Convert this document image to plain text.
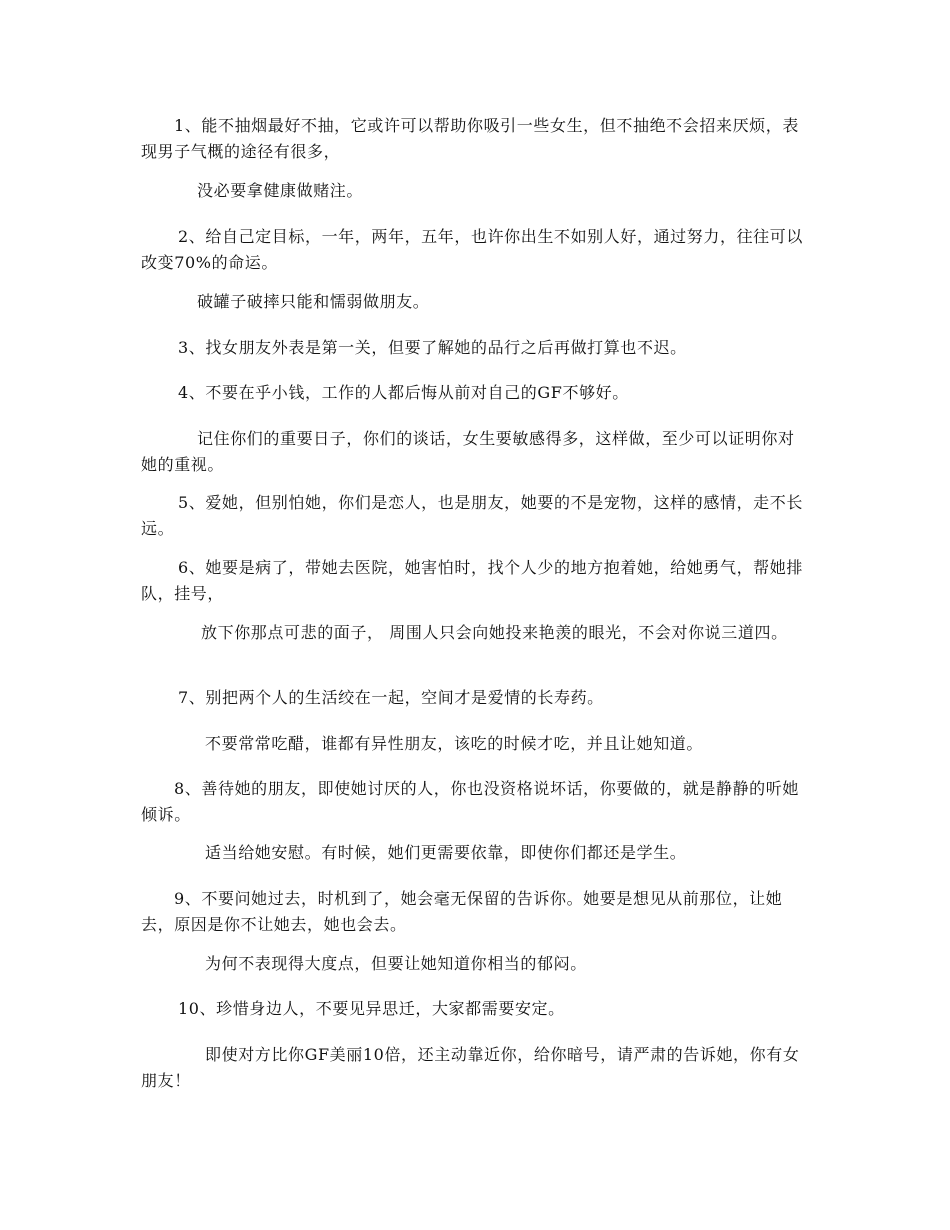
1、能不抽烟最好不抽，它或许可以帮助你吸引一些女生，但不抽绝不会招来厌烦，表现男子气概的途径有很多，

没必要拿健康做赌注。

2、给自己定目标，一年，两年，五年，也许你出生不如别人好，通过努力，往往可以改变70%的命运。

破罐子破摔只能和懦弱做朋友。

3、找女朋友外表是第一关，但要了解她的品行之后再做打算也不迟。

4、不要在乎小钱，工作的人都后悔从前对自己的GF不够好。

记住你们的重要日子，你们的谈话，女生要敏感得多，这样做，至少可以证明你对她的重视。

5、爱她，但别怕她，你们是恋人，也是朋友，她要的不是宠物，这样的感情，走不长远。

6、她要是病了，带她去医院，她害怕时，找个人少的地方抱着她，给她勇气，帮她排队，挂号，

放下你那点可悲的面子， 周围人只会向她投来艳羡的眼光，不会对你说三道四。

7、别把两个人的生活绞在一起，空间才是爱情的长寿药。

不要常常吃醋，谁都有异性朋友，该吃的时候才吃，并且让她知道。

8、善待她的朋友，即使她讨厌的人，你也没资格说坏话，你要做的，就是静静的听她倾诉。

适当给她安慰。有时候，她们更需要依靠，即使你们都还是学生。

9、不要问她过去，时机到了，她会毫无保留的告诉你。她要是想见从前那位，让她去，原因是你不让她去，她也会去。

为何不表现得大度点，但要让她知道你相当的郁闷。

10、珍惜身边人，不要见异思迁，大家都需要安定。

即使对方比你GF美丽10倍，还主动靠近你，给你暗号，请严肃的告诉她，你有女朋友！
